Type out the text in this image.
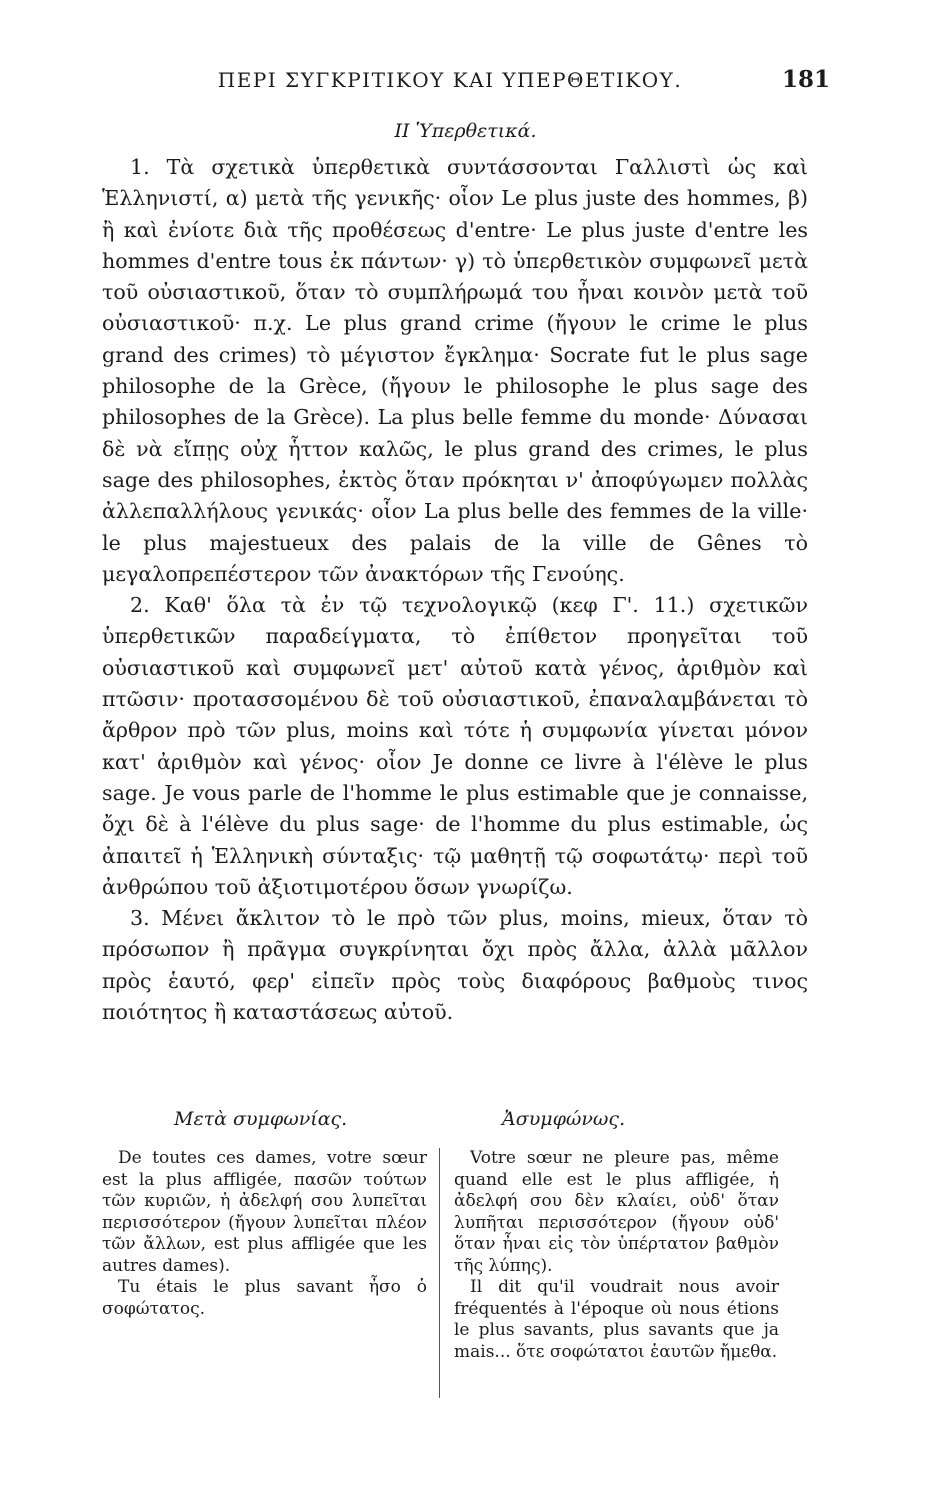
ΠΕΡΙ ΣΥΓΚΡΙΤΙΚΟΥ ΚΑΙ ΥΠΕΡΘΕΤΙΚΟΥ.	181
ΙΙ Ὑπερθετικά.

1. Τὰ σχετικὰ ὑπερθετικὰ συντάσσονται Γαλλιστὶ ὡς καὶ Ἑλληνιστί, α) μετὰ τῆς γενικῆς· οἷον Le plus juste des hommes, β) ἢ καὶ ἐνίοτε διὰ τῆς προθέσεως d'entre· Le plus juste d'entre les hommes d'entre tous ἐκ πάντων· γ) τὸ ὑπερθετικὸν συμφωνεῖ μετὰ τοῦ οὐσιαστικοῦ, ὅταν τὸ συμπλήρωμά του ἦναι κοινὸν μετὰ τοῦ οὐσιαστικοῦ· π.χ. Le plus grand crime (ἤγουν le crime le plus grand des crimes) τὸ μέγιστον ἔγκλημα· Socrate fut le plus sage philosophe de la Grèce, (ἤγουν le philosophe le plus sage des philosophes de la Grèce). La plus belle femme du monde· Δύνασαι δὲ νὰ εἴπῃς οὐχ ἧττον καλῶς, le plus grand des crimes, le plus sage des philosophes, ἐκτὸς ὅταν πρόκηται ν' ἀποφύγωμεν πολλὰς ἀλλεπαλλήλους γενικάς· οἷον La plus belle des femmes de la ville· le plus majestueux des palais de la ville de Gênes τὸ μεγαλοπρεπέστερον τῶν ἀνακτόρων τῆς Γενούης.

2. Καθ' ὅλα τὰ ἐν τῷ τεχνολογικῷ (κεφ Γ'. 11.) σχετικῶν ὑπερθετικῶν παραδείγματα, τὸ ἐπίθετον προηγεῖται τοῦ οὐσιαστικοῦ καὶ συμφωνεῖ μετ' αὐτοῦ κατὰ γένος, ἀριθμὸν καὶ πτῶσιν· προτασσομένου δὲ τοῦ οὐσιαστικοῦ, ἐπαναλαμβάνεται τὸ ἄρθρον πρὸ τῶν plus, moins καὶ τότε ἡ συμφωνία γίνεται μόνον κατ' ἀριθμὸν καὶ γένος· οἷον Je donne ce livre à l'élève le plus sage. Je vous parle de l'homme le plus estimable que je connaisse, ὄχι δὲ à l'élève du plus sage· de l'homme du plus estimable, ὡς ἀπαιτεῖ ἡ Ἑλληνικὴ σύνταξις· τῷ μαθητῇ τῷ σοφωτάτῳ· περὶ τοῦ ἀνθρώπου τοῦ ἀξιοτιμοτέρου ὅσων γνωρίζω.

3. Μένει ἄκλιτον τὸ le πρὸ τῶν plus, moins, mieux, ὅταν τὸ πρόσωπον ἢ πρᾶγμα συγκρίνηται ὄχι πρὸς ἄλλα, ἀλλὰ μᾶλλον πρὸς ἑαυτό, φερ' εἰπεῖν πρὸς τοὺς διαφόρους βαθμοὺς τινος ποιότητος ἢ καταστάσεως αὐτοῦ.

Μετὰ συμφωνίας.	Ἀσυμφώνως.

De toutes ces dames, votre sœur est la plus affligée, πασῶν τούτων τῶν κυριῶν, ἡ ἀδελφή σου λυπεῖται περισσότερον (ἤγουν λυπεῖται πλέον τῶν ἄλλων, est plus affligée que les autres dames).

Tu étais le plus savant ἦσο ὁ σοφώτατος.

Votre sœur ne pleure pas, même quand elle est le plus affligée, ἡ ἀδελφή σου δὲν κλαίει, οὐδ' ὅταν λυπῆται περισσότερον (ἤγουν οὐδ' ὅταν ἦναι εἰς τὸν ὑπέρτατον βαθμὸν τῆς λύπης).

Il dit qu'il voudrait nous avoir fréquentés à l'époque où nous étions le plus savants, plus savants que ja mais... ὅτε σοφώτατοι ἑαυτῶν ἤμεθα.
